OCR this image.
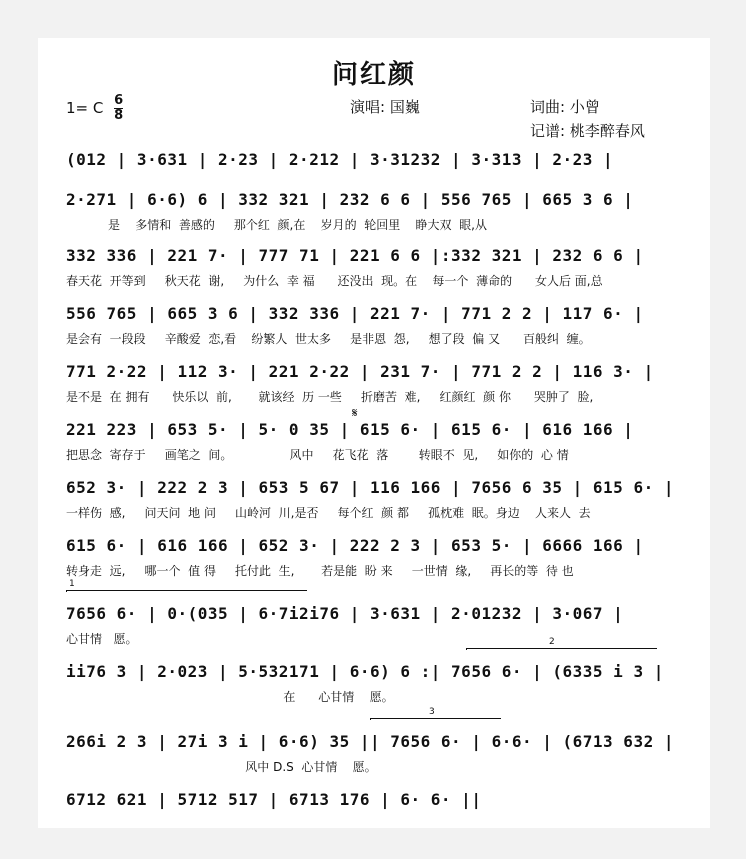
问红颜
1= C $\frac{6}{8}$	演唱: 国巍	词曲: 小曾
记谱: 桃李醉春风
(012 | 3·631 | 2·23 | 2·212 | 3·31232 | 3·313 | 2·23 |
2·271 | 6·6) 6 | 332 321 | 232 6 6 | 556 765 | 665 3 6 |
是    多情和  善感的     那个红  颜,在    岁月的  轮回里    睁大双  眼,从
332 336 | 221 7· | 777 71 | 221 6 6 |:332 321 | 232 6 6 |
春天花  开等到     秋天花  谢,     为什么  幸 福      还没出  现。在    每一个  薄命的      女人后 面,总
556 765 | 665 3 6 | 332 336 | 221 7· | 771 2 2 | 117 6· |
是会有  一段段     辛酸爱  恋,看    纷繁人  世太多     是非恩  怨,     想了段  偏 又      百般纠  缠。
771 2·22 | 112 3· | 221 2·22 | 231 7· | 771 2 2 | 116 3· |
是不是  在 拥有      快乐以  前,       就该经  历 一些     折磨苦  难,     红颜红  颜 你      哭肿了  脸,
221 223 | 653 5· | 5· 0 35 | 615 6· | 615 6· | 616 166 |
把思念  寄存于     画笔之  间。               风中     花飞花  落        转眼不  见,     如你的  心 情
652 3· | 222 2 3 | 653 5 67 | 116 166 | 7656 6 35 | 615 6· |
一样伤  感,     问天问  地 问     山岭河  川,是否     每个红  颜 都     孤枕难  眠。身边    人来人  去
615 6· | 616 166 | 652 3· | 222 2 3 | 653 5· | 6666 166 |
转身走  远,     哪一个  值 得     托付此  生,       若是能  盼 来     一世情  缘,     再长的等  待 也
1
7656 6· | 0·(035 | 6·7i2i76 | 3·631 | 2·01232 | 3·067 |
心甘情   愿。	2
ii76 3 | 2·023 | 5·532171 | 6·6) 6 :| 7656 6· | (6335 i 3 |
在      心甘情    愿。
3
266i 2 3 | 27i 3 i | 6·6) 35 || 7656 6· | 6·6· | (6713 632 |
风中 D.S  心甘情    愿。
6712 621 | 5712 517 | 6713 176 | 6· 6· ||
𝄋
